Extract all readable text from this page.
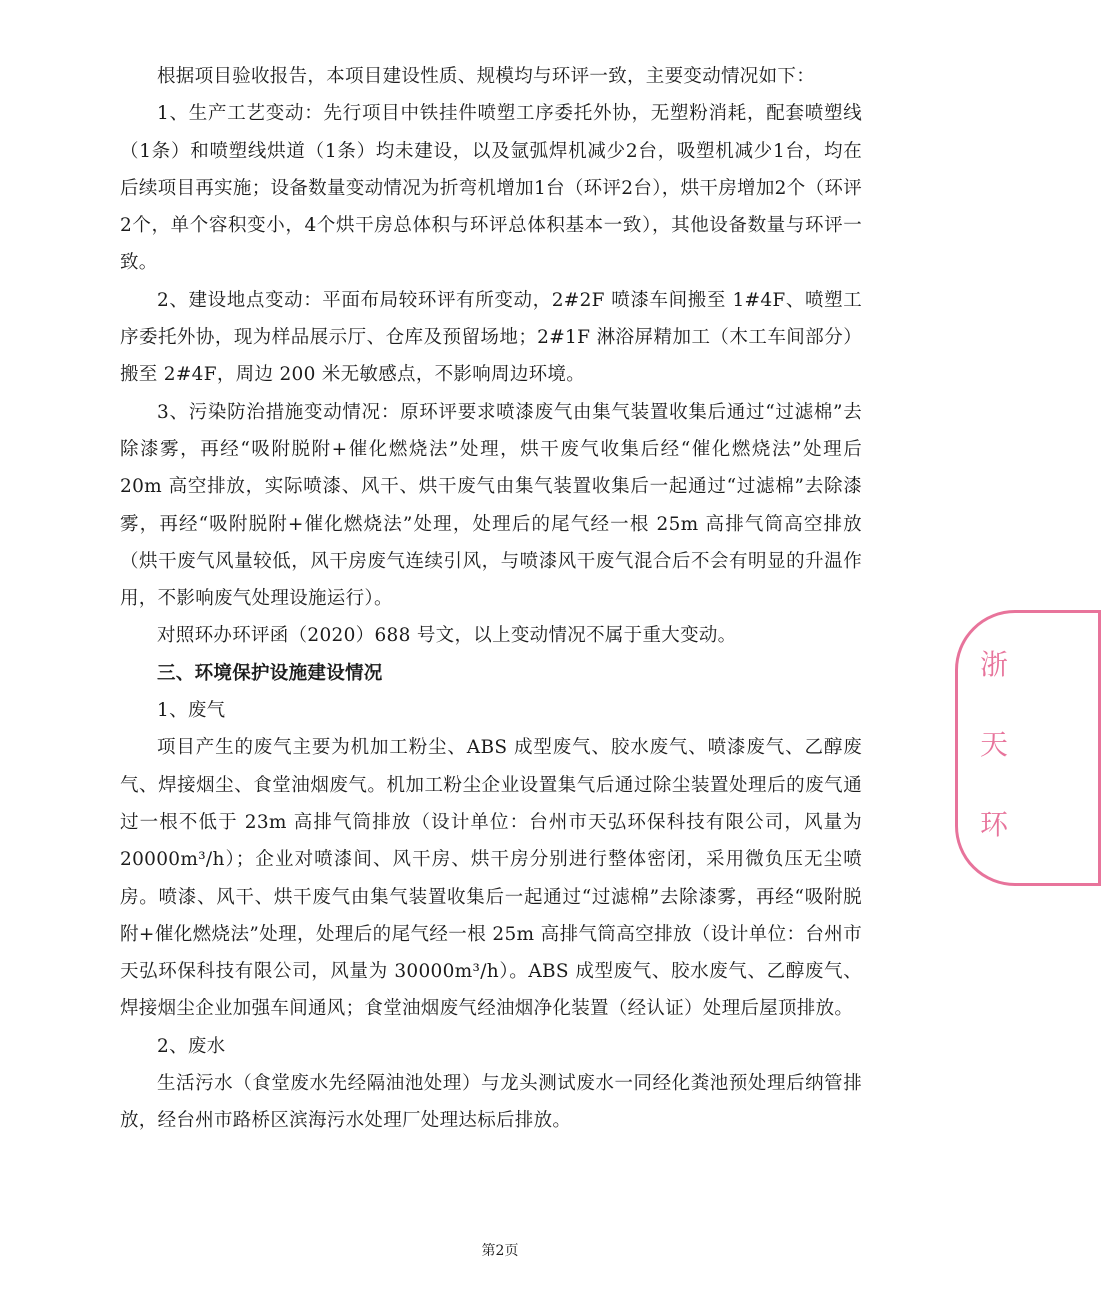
根据项目验收报告，本项目建设性质、规模均与环评一致，主要变动情况如下：

1、生产工艺变动：先行项目中铁挂件喷塑工序委托外协，无塑粉消耗，配套喷塑线（1条）和喷塑线烘道（1条）均未建设，以及氩弧焊机减少2台，吸塑机减少1台，均在后续项目再实施；设备数量变动情况为折弯机增加1台（环评2台），烘干房增加2个（环评2个，单个容积变小，4个烘干房总体积与环评总体积基本一致），其他设备数量与环评一致。

2、建设地点变动：平面布局较环评有所变动，2#2F 喷漆车间搬至 1#4F、喷塑工序委托外协，现为样品展示厅、仓库及预留场地；2#1F 淋浴屏精加工（木工车间部分）搬至 2#4F，周边 200 米无敏感点，不影响周边环境。

3、污染防治措施变动情况：原环评要求喷漆废气由集气装置收集后通过“过滤棉”去除漆雾，再经“吸附脱附+催化燃烧法”处理，烘干废气收集后经“催化燃烧法”处理后 20m 高空排放，实际喷漆、风干、烘干废气由集气装置收集后一起通过“过滤棉”去除漆雾，再经“吸附脱附+催化燃烧法”处理，处理后的尾气经一根 25m 高排气筒高空排放（烘干废气风量较低，风干房废气连续引风，与喷漆风干废气混合后不会有明显的升温作用，不影响废气处理设施运行）。

对照环办环评函（2020）688 号文，以上变动情况不属于重大变动。

三、环境保护设施建设情况

1、废气

项目产生的废气主要为机加工粉尘、ABS 成型废气、胶水废气、喷漆废气、乙醇废气、焊接烟尘、食堂油烟废气。机加工粉尘企业设置集气后通过除尘装置处理后的废气通过一根不低于 23m 高排气筒排放（设计单位：台州市天弘环保科技有限公司，风量为 20000m³/h）；企业对喷漆间、风干房、烘干房分别进行整体密闭，采用微负压无尘喷房。喷漆、风干、烘干废气由集气装置收集后一起通过“过滤棉”去除漆雾，再经“吸附脱附+催化燃烧法”处理，处理后的尾气经一根 25m 高排气筒高空排放（设计单位：台州市天弘环保科技有限公司，风量为 30000m³/h）。ABS 成型废气、胶水废气、乙醇废气、焊接烟尘企业加强车间通风；食堂油烟废气经油烟净化装置（经认证）处理后屋顶排放。

2、废水

生活污水（食堂废水先经隔油池处理）与龙头测试废水一同经化粪池预处理后纳管排放，经台州市路桥区滨海污水处理厂处理达标后排放。

浙
天
环
第2页
